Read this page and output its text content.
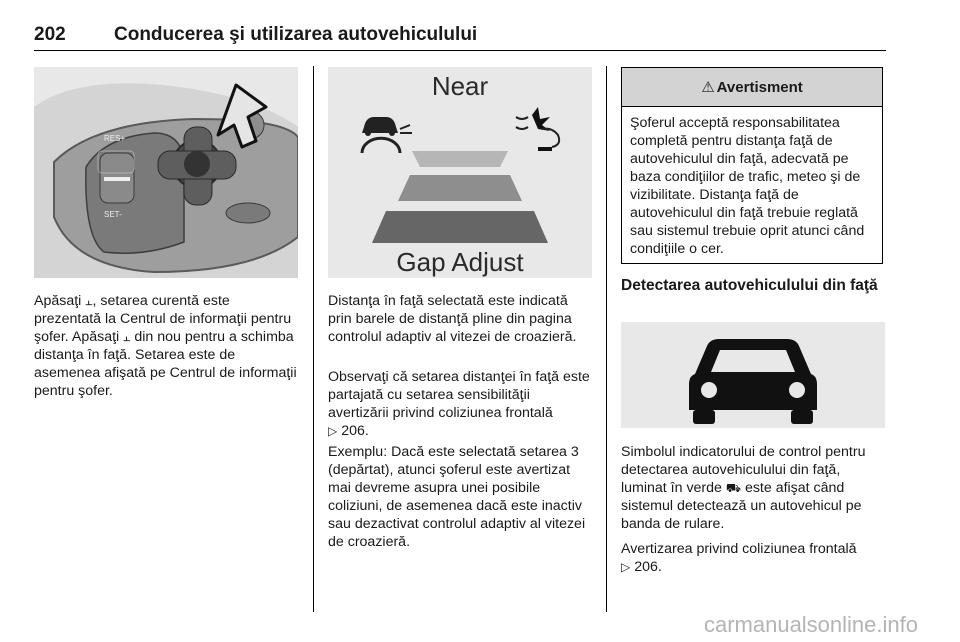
202	Conducerea şi utilizarea autovehiculului
RES+
SET-
Near
Gap Adjust

Apăsaţi ⫠, setarea curentă este prezentată la Centrul de informaţii pentru şofer. Apăsaţi ⫠ din nou pentru a schimba distanţa în faţă. Setarea este de asemenea afişată pe Centrul de informaţii pentru şofer.

Distanţa în faţă selectată este indicată prin barele de distanţă pline din pagina controlul adaptiv al vitezei de croazieră.

Observaţi că setarea distanţei în faţă este partajată cu setarea sensibilităţii avertizării privind coliziunea frontală
▷ 206.

Exemplu: Dacă este selectată setarea 3 (depărtat), atunci şoferul este avertizat mai devreme asupra unei posibile coliziuni, de asemenea dacă este inactiv sau dezactivat controlul adaptiv al vitezei de croazieră.

⚠ Avertisment
Şoferul acceptă responsabilitatea completă pentru distanţa faţă de autovehiculul din faţă, adecvată pe baza condiţiilor de trafic, meteo şi de vizibilitate. Distanţa faţă de autovehiculul din faţă trebuie reglată sau sistemul trebuie oprit atunci când condiţiile o cer.
Detectarea autovehiculului din faţă

Simbolul indicatorului de control pentru detectarea autovehiculului din faţă, luminat în verde ⛟ este afişat când sistemul detectează un autovehicul pe banda de rulare.

Avertizarea privind coliziunea frontală
▷ 206.

carmanualsonline.info
